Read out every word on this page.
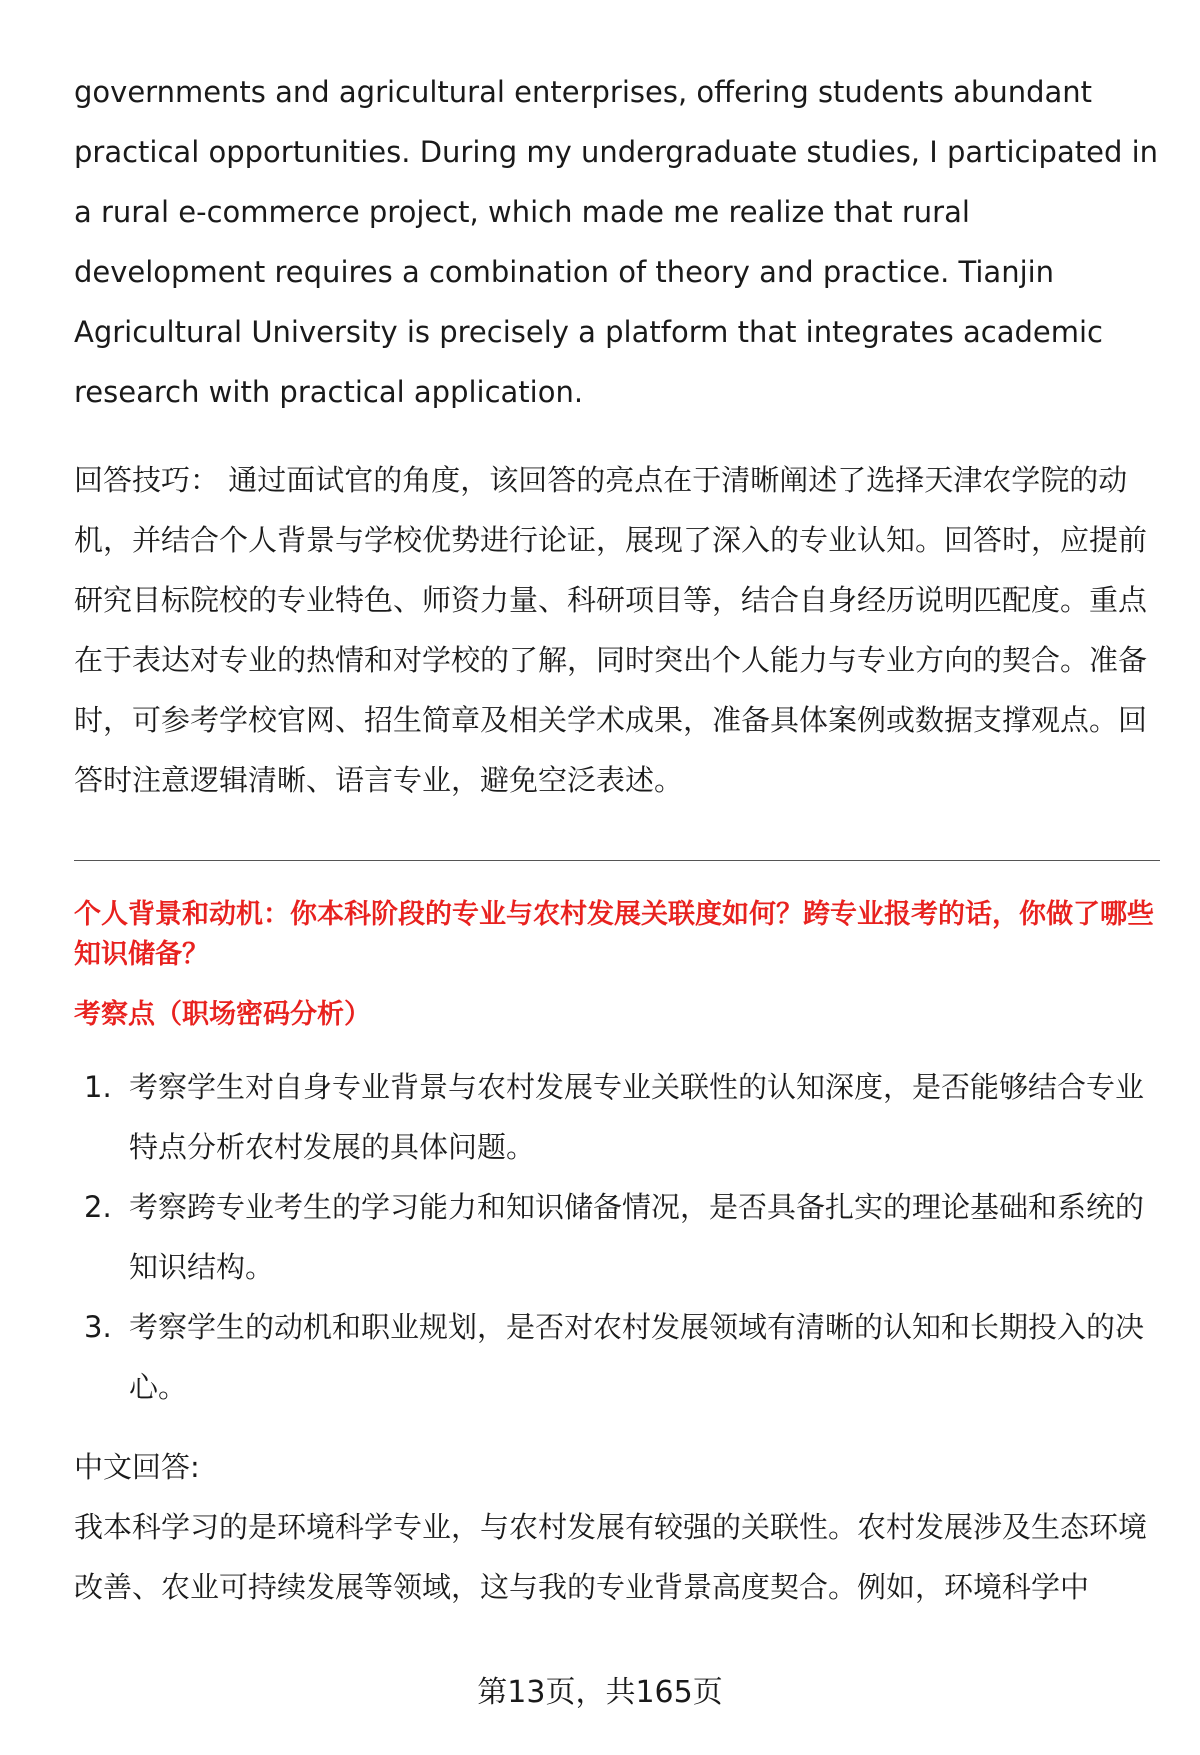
governments and agricultural enterprises, offering students abundant practical opportunities. During my undergraduate studies, I participated in a rural e-commerce project, which made me realize that rural development requires a combination of theory and practice. Tianjin Agricultural University is precisely a platform that integrates academic research with practical application.

回答技巧： 通过面试官的角度，该回答的亮点在于清晰阐述了选择天津农学院的动机，并结合个人背景与学校优势进行论证，展现了深入的专业认知。回答时，应提前研究目标院校的专业特色、师资力量、科研项目等，结合自身经历说明匹配度。重点在于表达对专业的热情和对学校的了解，同时突出个人能力与专业方向的契合。准备时，可参考学校官网、招生简章及相关学术成果，准备具体案例或数据支撑观点。回答时注意逻辑清晰、语言专业，避免空泛表述。

个人背景和动机：你本科阶段的专业与农村发展关联度如何？跨专业报考的话，你做了哪些知识储备？

考察点（职场密码分析）

1. 考察学生对自身专业背景与农村发展专业关联性的认知深度，是否能够结合专业特点分析农村发展的具体问题。
2. 考察跨专业考生的学习能力和知识储备情况，是否具备扎实的理论基础和系统的知识结构。
3. 考察学生的动机和职业规划，是否对农村发展领域有清晰的认知和长期投入的决心。

中文回答:

我本科学习的是环境科学专业，与农村发展有较强的关联性。农村发展涉及生态环境改善、农业可持续发展等领域，这与我的专业背景高度契合。例如，环境科学中

第13页，共165页
